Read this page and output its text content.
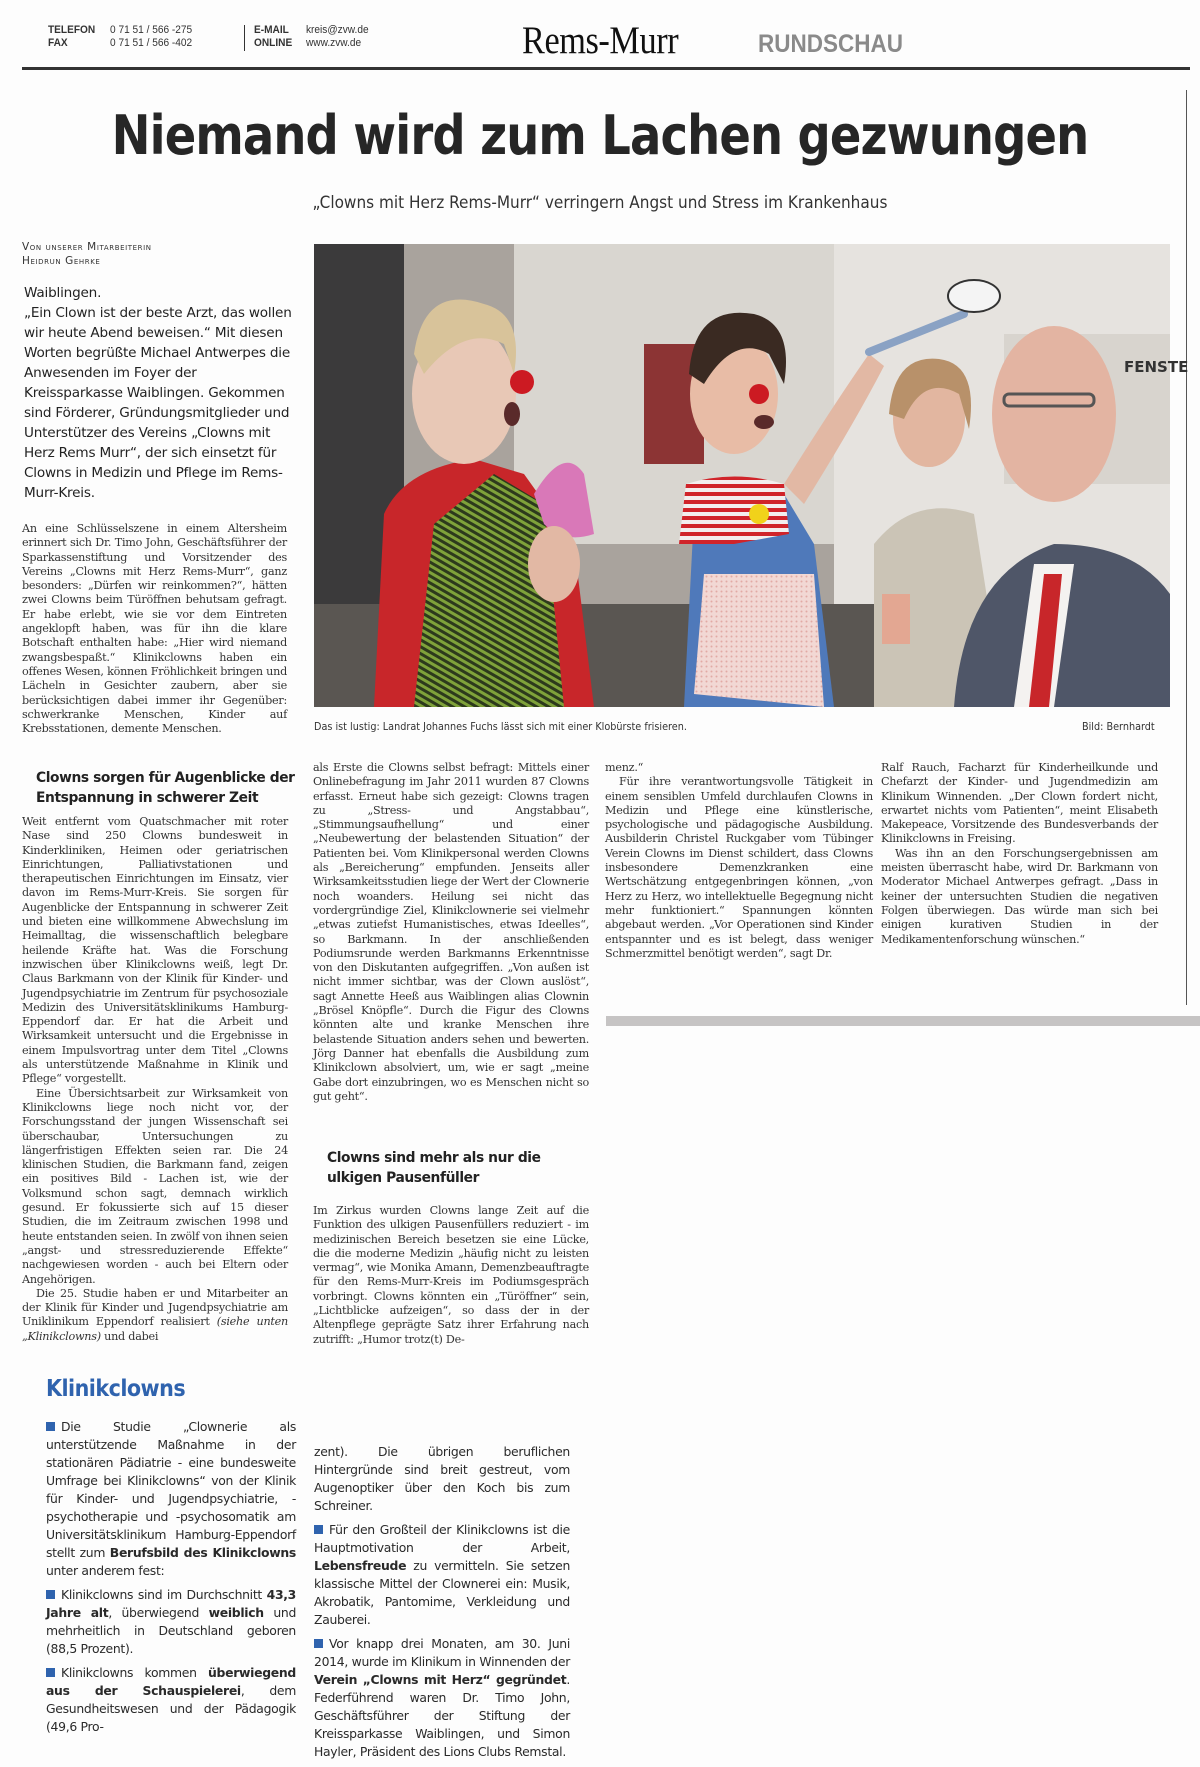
TELEFON	0 71 51 / 566 -275
FAX	0 71 51 / 566 -402
E-MAIL	kreis@zvw.de
ONLINE	www.zvw.de	Rems-Murr	RUNDSCHAU
Niemand wird zum Lachen gezwungen
„Clowns mit Herz Rems-Murr“ verringern Angst und Stress im Krankenhaus
Von unserer Mitarbeiterin
Heidrun Gehrke
Waiblingen.
„Ein Clown ist der beste Arzt, das wollen wir heute Abend beweisen.“ Mit diesen Worten begrüßte Michael Antwerpes die Anwesenden im Foyer der Kreissparkasse Waiblingen. Gekommen sind Förderer, Gründungsmitglieder und Unterstützer des Vereins „Clowns mit Herz Rems Murr“, der sich einsetzt für Clowns in Medizin und Pflege im Rems-Murr-Kreis.

An eine Schlüsselszene in einem Altersheim erinnert sich Dr. Timo John, Geschäftsführer der Sparkassenstiftung und Vorsitzender des Vereins „Clowns mit Herz Rems-Murr“, ganz besonders: „Dürfen wir reinkommen?“, hätten zwei Clowns beim Türöffnen behutsam gefragt. Er habe erlebt, wie sie vor dem Eintreten angeklopft haben, was für ihn die klare Botschaft enthalten habe: „Hier wird niemand zwangsbespaßt.“ Klinikclowns haben ein offenes Wesen, können Fröhlichkeit bringen und Lächeln in Gesichter zaubern, aber sie berücksichtigen dabei immer ihr Gegenüber: schwerkranke Menschen, Kinder auf Krebsstationen, demente Menschen.

FENSTE
Das ist lustig: Landrat Johannes Fuchs lässt sich mit einer Klobürste frisieren.	Bild: Bernhardt
Clowns sorgen für Augenblicke der Entspannung in schwerer Zeit

Weit entfernt vom Quatschmacher mit roter Nase sind 250 Clowns bundesweit in Kinderkliniken, Heimen oder geriatrischen Einrichtungen, Palliativstationen und therapeutischen Einrichtungen im Einsatz, vier davon im Rems-Murr-Kreis. Sie sorgen für Augenblicke der Entspannung in schwerer Zeit und bieten eine willkommene Abwechslung im Heimalltag, die wissenschaftlich belegbare heilende Kräfte hat. Was die Forschung inzwischen über Klinikclowns weiß, legt Dr. Claus Barkmann von der Klinik für Kinder- und Jugendpsychiatrie im Zentrum für psychosoziale Medizin des Universitätsklinikums Hamburg-Eppendorf dar. Er hat die Arbeit und Wirksamkeit untersucht und die Ergebnisse in einem Impulsvortrag unter dem Titel „Clowns als unterstützende Maßnahme in Klinik und Pflege“ vorgestellt.

Eine Übersichtsarbeit zur Wirksamkeit von Klinikclowns liege noch nicht vor, der Forschungsstand der jungen Wissenschaft sei überschaubar, Untersuchungen zu längerfristigen Effekten seien rar. Die 24 klinischen Studien, die Barkmann fand, zeigen ein positives Bild - Lachen ist, wie der Volksmund schon sagt, demnach wirklich gesund. Er fokussierte sich auf 15 dieser Studien, die im Zeitraum zwischen 1998 und heute entstanden seien. In zwölf von ihnen seien „angst- und stressreduzierende Effekte“ nachgewiesen worden - auch bei Eltern oder Angehörigen.

Die 25. Studie haben er und Mitarbeiter an der Klinik für Kinder und Jugendpsychiatrie am Uniklinikum Eppendorf realisiert (siehe unten „Klinikclowns) und dabei

als Erste die Clowns selbst befragt: Mittels einer Onlinebefragung im Jahr 2011 wurden 87 Clowns erfasst. Erneut habe sich gezeigt: Clowns tragen zu „Stress- und Angstabbau“, „Stimmungsaufhellung“ und einer „Neubewertung der belastenden Situation“ der Patienten bei. Vom Klinikpersonal werden Clowns als „Bereicherung“ empfunden. Jenseits aller Wirksamkeitsstudien liege der Wert der Clownerie noch woanders. Heilung sei nicht das vordergründige Ziel, Klinikclownerie sei vielmehr „etwas zutiefst Humanistisches, etwas Ideelles“, so Barkmann. In der anschließenden Podiumsrunde werden Barkmanns Erkenntnisse von den Diskutanten aufgegriffen. „Von außen ist nicht immer sichtbar, was der Clown auslöst“, sagt Annette Heeß aus Waiblingen alias Clownin „Brösel Knöpfle“. Durch die Figur des Clowns könnten alte und kranke Menschen ihre belastende Situation anders sehen und bewerten. Jörg Danner hat ebenfalls die Ausbildung zum Klinikclown absolviert, um, wie er sagt „meine Gabe dort einzubringen, wo es Menschen nicht so gut geht“.

Clowns sind mehr als nur die ulkigen Pausenfüller

Im Zirkus wurden Clowns lange Zeit auf die Funktion des ulkigen Pausenfüllers reduziert - im medizinischen Bereich besetzen sie eine Lücke, die die moderne Medizin „häufig nicht zu leisten vermag“, wie Monika Amann, Demenzbeauftragte für den Rems-Murr-Kreis im Podiumsgespräch vorbringt. Clowns könnten ein „Türöffner“ sein, „Lichtblicke aufzeigen“, so dass der in der Altenpflege geprägte Satz ihrer Erfahrung nach zutrifft: „Humor trotz(t) De-

menz.“

Für ihre verantwortungsvolle Tätigkeit in einem sensiblen Umfeld durchlaufen Clowns in Medizin und Pflege eine künstlerische, psychologische und pädagogische Ausbildung. Ausbilderin Christel Ruckgaber vom Tübinger Verein Clowns im Dienst schildert, dass Clowns insbesondere Demenzkranken eine Wertschätzung entgegenbringen können, „von Herz zu Herz, wo intellektuelle Begegnung nicht mehr funktioniert.“ Spannungen könnten abgebaut werden. „Vor Operationen sind Kinder entspannter und es ist belegt, dass weniger Schmerzmittel benötigt werden“, sagt Dr.

Ralf Rauch, Facharzt für Kinderheilkunde und Chefarzt der Kinder- und Jugendmedizin am Klinikum Winnenden. „Der Clown fordert nicht, erwartet nichts vom Patienten“, meint Elisabeth Makepeace, Vorsitzende des Bundesverbands der Klinikclowns in Freising.

Was ihn an den Forschungsergebnissen am meisten überrascht habe, wird Dr. Barkmann von Moderator Michael Antwerpes gefragt. „Dass in keiner der untersuchten Studien die negativen Folgen überwiegen. Das würde man sich bei einigen kurativen Studien in der Medikamentenforschung wünschen.“

Klinikclowns

Die Studie „Clownerie als unterstützende Maßnahme in der stationären Pädiatrie - eine bundesweite Umfrage bei Klinikclowns“ von der Klinik für Kinder- und Jugendpsychiatrie, -psychotherapie und -psychosomatik am Universitätsklinikum Hamburg-Eppendorf stellt zum Berufsbild des Klinikclowns unter anderem fest:

Klinikclowns sind im Durchschnitt 43,3 Jahre alt, überwiegend weiblich und mehrheitlich in Deutschland geboren (88,5 Prozent).

Klinikclowns kommen überwiegend aus der Schauspielerei, dem Gesundheitswesen und der Pädagogik (49,6 Pro-

zent). Die übrigen beruflichen Hintergründe sind breit gestreut, vom Augenoptiker über den Koch bis zum Schreiner.

Für den Großteil der Klinikclowns ist die Hauptmotivation der Arbeit, Lebensfreude zu vermitteln. Sie setzen klassische Mittel der Clownerei ein: Musik, Akrobatik, Pantomime, Verkleidung und Zauberei.

Vor knapp drei Monaten, am 30. Juni 2014, wurde im Klinikum in Winnenden der Verein „Clowns mit Herz“ gegründet. Federführend waren Dr. Timo John, Geschäftsführer der Stiftung der Kreissparkasse Waiblingen, und Simon Hayler, Präsident des Lions Clubs Remstal.
